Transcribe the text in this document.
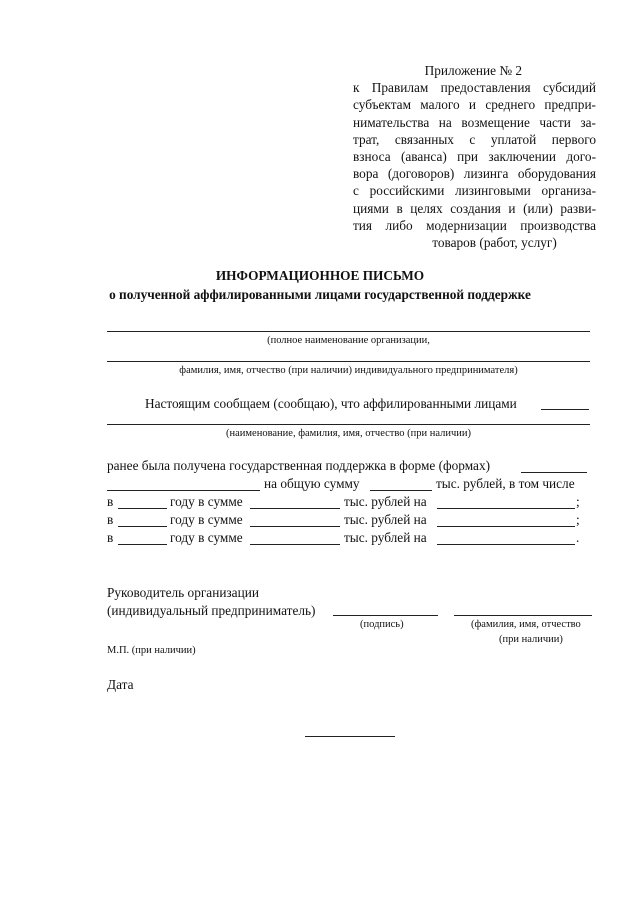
Приложение № 2
к Правилам предоставления субсидий
субъектам малого и среднего предпри-
нимательства на возмещение части за-
трат, связанных с уплатой первого
взноса (аванса) при заключении дого-
вора (договоров) лизинга оборудования
с российскими лизинговыми организа-
циями в целях создания и (или) разви-
тия либо модернизации производства
товаров (работ, услуг)
ИНФОРМАЦИОННОЕ ПИСЬМО
о полученной аффилированными лицами государственной поддержке
(полное наименование организации,
фамилия, имя, отчество (при наличии) индивидуального предпринимателя)
Настоящим сообщаем (сообщаю), что аффилированными лицами
(наименование, фамилия, имя, отчество (при наличии)
ранее была получена государственная поддержка в форме (формах)
на общую сумму	тыс. рублей, в том числе
в	году в сумме	тыс. рублей на	;
в	году в сумме	тыс. рублей на	;
в	году в сумме	тыс. рублей на	.
Руководитель организации
(индивидуальный предприниматель)
(подпись)	(фамилия, имя, отчество
(при наличии)
М.П. (при наличии)
Дата
